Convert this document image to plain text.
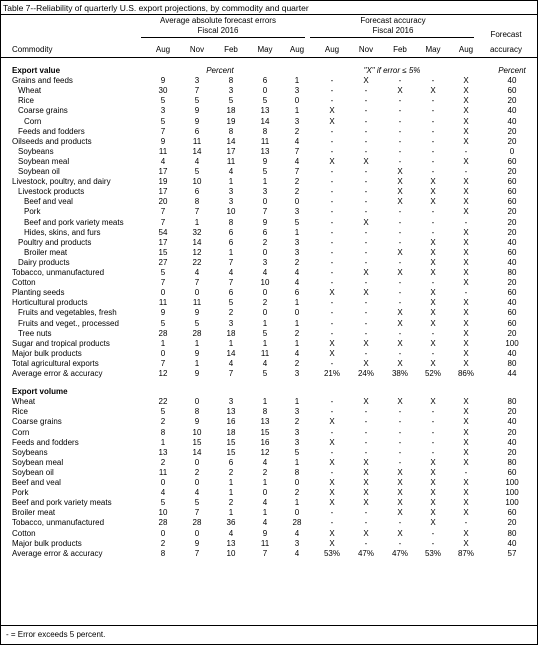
Table 7--Reliability of quarterly U.S. export projections, by commodity and quarter
Average absolute forecast errors
Fiscal 2016
Forecast accuracy
Fiscal 2016	Forecast
Commodity	accuracy
Aug	Aug
Nov	Nov
Feb	Feb
May	May
Aug	Aug
Export value	Percent	"X" if error ≤ 5%	Percent
Grains and feeds	9	3	8	6	1	-	X	-	-	X	40
Wheat	30	7	3	0	3	-	-	X	X	X	60
Rice	5	5	5	5	0	-	-	-	-	X	20
Coarse grains	3	9	18	13	1	X	-	-	-	X	40
Corn	5	9	19	14	3	X	-	-	-	X	40
Feeds and fodders	7	6	8	8	2	-	-	-	-	X	20
Oilseeds and products	9	11	14	11	4	-	-	-	-	X	20
Soybeans	11	14	17	13	7	-	-	-	-	-	0
Soybean meal	4	4	11	9	4	X	X	-	-	X	60
Soybean oil	17	5	4	5	7	-	-	X	-	-	20
Livestock, poultry, and dairy	19	10	1	1	2	-	-	X	X	X	60
Livestock products	17	6	3	3	2	-	-	X	X	X	60
Beef and veal	20	8	3	0	0	-	-	X	X	X	60
Pork	7	7	10	7	3	-	-	-	-	X	20
Beef and pork variety meats	7	1	8	9	5	-	X	-	-	-	20
Hides, skins, and furs	54	32	6	6	1	-	-	-	-	X	20
Poultry and products	17	14	6	2	3	-	-	-	X	X	40
Broiler meat	15	12	1	0	3	-	-	X	X	X	60
Dairy products	27	22	7	3	2	-	-	-	X	X	40
Tobacco, unmanufactured	5	4	4	4	4	-	X	X	X	X	80
Cotton	7	7	7	10	4	-	-	-	-	X	20
Planting seeds	0	0	6	0	6	X	X	-	X	-	60
Horticultural products	11	11	5	2	1	-	-	-	X	X	40
Fruits and vegetables, fresh	9	9	2	0	0	-	-	X	X	X	60
Fruits and veget., processed	5	5	3	1	1	-	-	X	X	X	60
Tree nuts	28	28	18	5	2	-	-	-	-	X	20
Sugar and tropical products	1	1	1	1	1	X	X	X	X	X	100
Major bulk products	0	9	14	11	4	X	-	-	-	X	40
Total agricultural exports	7	1	4	4	2	-	X	X	X	X	80
Average error & accuracy	12	9	7	5	3	21%	24%	38%	52%	86%	44
Export volume
Wheat	22	0	3	1	1	-	X	X	X	X	80
Rice	5	8	13	8	3	-	-	-	-	X	20
Coarse grains	2	9	16	13	2	X	-	-	-	X	40
Corn	8	10	18	15	3	-	-	-	-	X	20
Feeds and fodders	1	15	15	16	3	X	-	-	-	X	40
Soybeans	13	14	15	12	5	-	-	-	-	X	20
Soybean meal	2	0	6	4	1	X	X	-	X	X	80
Soybean oil	11	2	2	2	8	-	X	X	X	-	60
Beef and veal	0	0	1	1	0	X	X	X	X	X	100
Pork	4	4	1	0	2	X	X	X	X	X	100
Beef and pork variety meats	5	5	2	4	1	X	X	X	X	X	100
Broiler meat	10	7	1	1	0	-	-	X	X	X	60
Tobacco, unmanufactured	28	28	36	4	28	-	-	-	X	-	20
Cotton	0	0	4	9	4	X	X	X	-	X	80
Major bulk products	2	9	13	11	3	X	-	-	-	X	40
Average error & accuracy	8	7	10	7	4	53%	47%	47%	53%	87%	57
- = Error exceeds 5 percent.
